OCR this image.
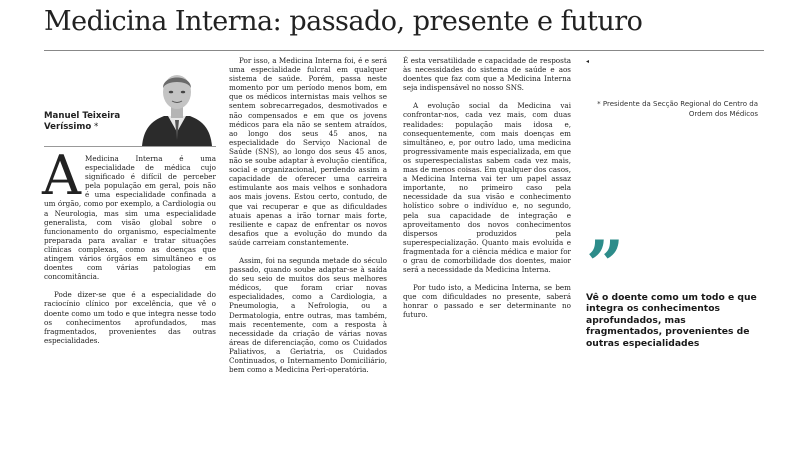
Medicina Interna: passado, presente e futuro
Manuel Teixeira Veríssimo *

A Medicina Interna é uma especialidade de médica cujo significado é difícil de perceber pela população em geral, pois não é uma especialidade confinada a um órgão, como por exemplo, a Cardiologia ou a Neurologia, mas sim uma especialidade generalista, com visão global sobre o funcionamento do organismo, especialmente preparada para avaliar e tratar situações clínicas complexas, como as doenças que atingem vários órgãos em simultâneo e os doentes com várias patologias em concomitância.

Pode dizer-se que é a especialidade do raciocínio clínico por excelência, que vê o doente como um todo e que integra nesse todo os conhecimentos aprofundados, mas fragmentados, provenientes das outras especialidades.

Por isso, a Medicina Interna foi, é e será uma especialidade fulcral em qualquer sistema de saúde. Porém, passa neste momento por um período menos bom, em que os médicos internistas mais velhos se sentem sobrecarregados, desmotivados e não compensados e em que os jovens médicos para ela não se sentem atraídos, ao longo dos seus 45 anos, na especialidade do Serviço Nacional de Saúde (SNS), ao longo dos seus 45 anos, não se soube adaptar à evolução científica, social e organizacional, perdendo assim a capacidade de oferecer uma carreira estimulante aos mais velhos e sonhadora aos mais jovens. Estou certo, contudo, de que vai recuperar e que as dificuldades atuais apenas a irão tornar mais forte, resiliente e capaz de enfrentar os novos desafios que a evolução do mundo da saúde carreiam constantemente.

Assim, foi na segunda metade do século passado, quando soube adaptar-se à saída do seu seio de muitos dos seus melhores médicos, que foram criar novas especialidades, como a Cardiologia, a Pneumologia, a Nefrologia, ou a Dermatologia, entre outras, mas também, mais recentemente, com a resposta à necessidade da criação de várias novas áreas de diferenciação, como os Cuidados Paliativos, a Geriatria, os Cuidados Continuados, o Internamento Domiciliário, bem como a Medicina Peri-operatória.

É esta versatilidade e capacidade de resposta às necessidades do sistema de saúde e aos doentes que faz com que a Medicina Interna seja indispensável no nosso SNS.

A evolução social da Medicina vai confrontar-nos, cada vez mais, com duas realidades: população mais idosa e, consequentemente, com mais doenças em simultâneo, e, por outro lado, uma medicina progressivamente mais especializada, em que os superespecialistas sabem cada vez mais, mas de menos coisas. Em qualquer dos casos, a Medicina Interna vai ter um papel assaz importante, no primeiro caso pela necessidade da sua visão e conhecimento holístico sobre o indivíduo e, no segundo, pela sua capacidade de integração e aproveitamento dos novos conhecimentos dispersos produzidos pela superespecialização. Quanto mais evoluída e fragmentada for a ciência médica e maior for o grau de comorbilidade dos doentes, maior será a necessidade da Medicina Interna.

Por tudo isto, a Medicina Interna, se bem que com dificuldades no presente, saberá honrar o passado e ser determinante no futuro.

◂

* Presidente da Secção Regional do Centro da Ordem dos Médicos
”
Vê o doente como um todo e que integra os conhecimentos aprofundados, mas fragmentados, provenientes de outras especialidades
